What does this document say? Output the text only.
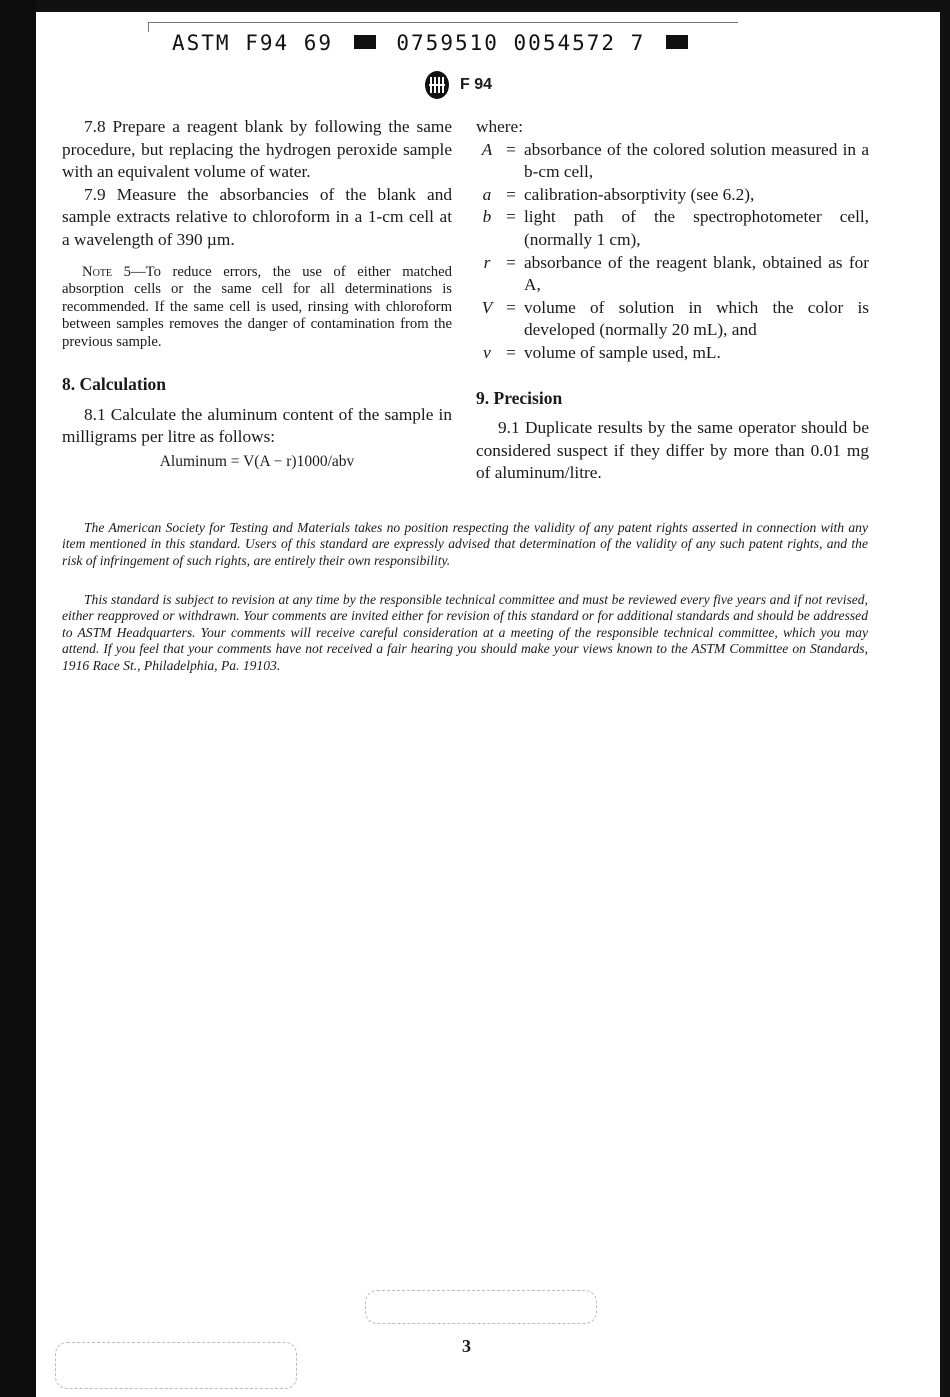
ASTM F94 69	0759510 0054572 7
F 94

7.8 Prepare a reagent blank by following the same procedure, but replacing the hydrogen peroxide sample with an equivalent volume of water.

7.9 Measure the absorbancies of the blank and sample extracts relative to chloroform in a 1-cm cell at a wavelength of 390 µm.

Note 5—To reduce errors, the use of either matched absorption cells or the same cell for all determinations is recommended. If the same cell is used, rinsing with chloroform between samples removes the danger of contamination from the previous sample.

8. Calculation

8.1 Calculate the aluminum content of the sample in milligrams per litre as follows:

Aluminum = V(A − r)1000/abv

where:

A = absorbance of the colored solution measured in a b-cm cell,
a = calibration-absorptivity (see 6.2),
b = light path of the spectrophotometer cell, (normally 1 cm),
r = absorbance of the reagent blank, obtained as for A,
V = volume of solution in which the color is developed (normally 20 mL), and
v = volume of sample used, mL.
9. Precision

9.1 Duplicate results by the same operator should be considered suspect if they differ by more than 0.01 mg of aluminum/litre.

The American Society for Testing and Materials takes no position respecting the validity of any patent rights asserted in connection with any item mentioned in this standard. Users of this standard are expressly advised that determination of the validity of any such patent rights, and the risk of infringement of such rights, are entirely their own responsibility.

This standard is subject to revision at any time by the responsible technical committee and must be reviewed every five years and if not revised, either reapproved or withdrawn. Your comments are invited either for revision of this standard or for additional standards and should be addressed to ASTM Headquarters. Your comments will receive careful consideration at a meeting of the responsible technical committee, which you may attend. If you feel that your comments have not received a fair hearing you should make your views known to the ASTM Committee on Standards, 1916 Race St., Philadelphia, Pa. 19103.

3
